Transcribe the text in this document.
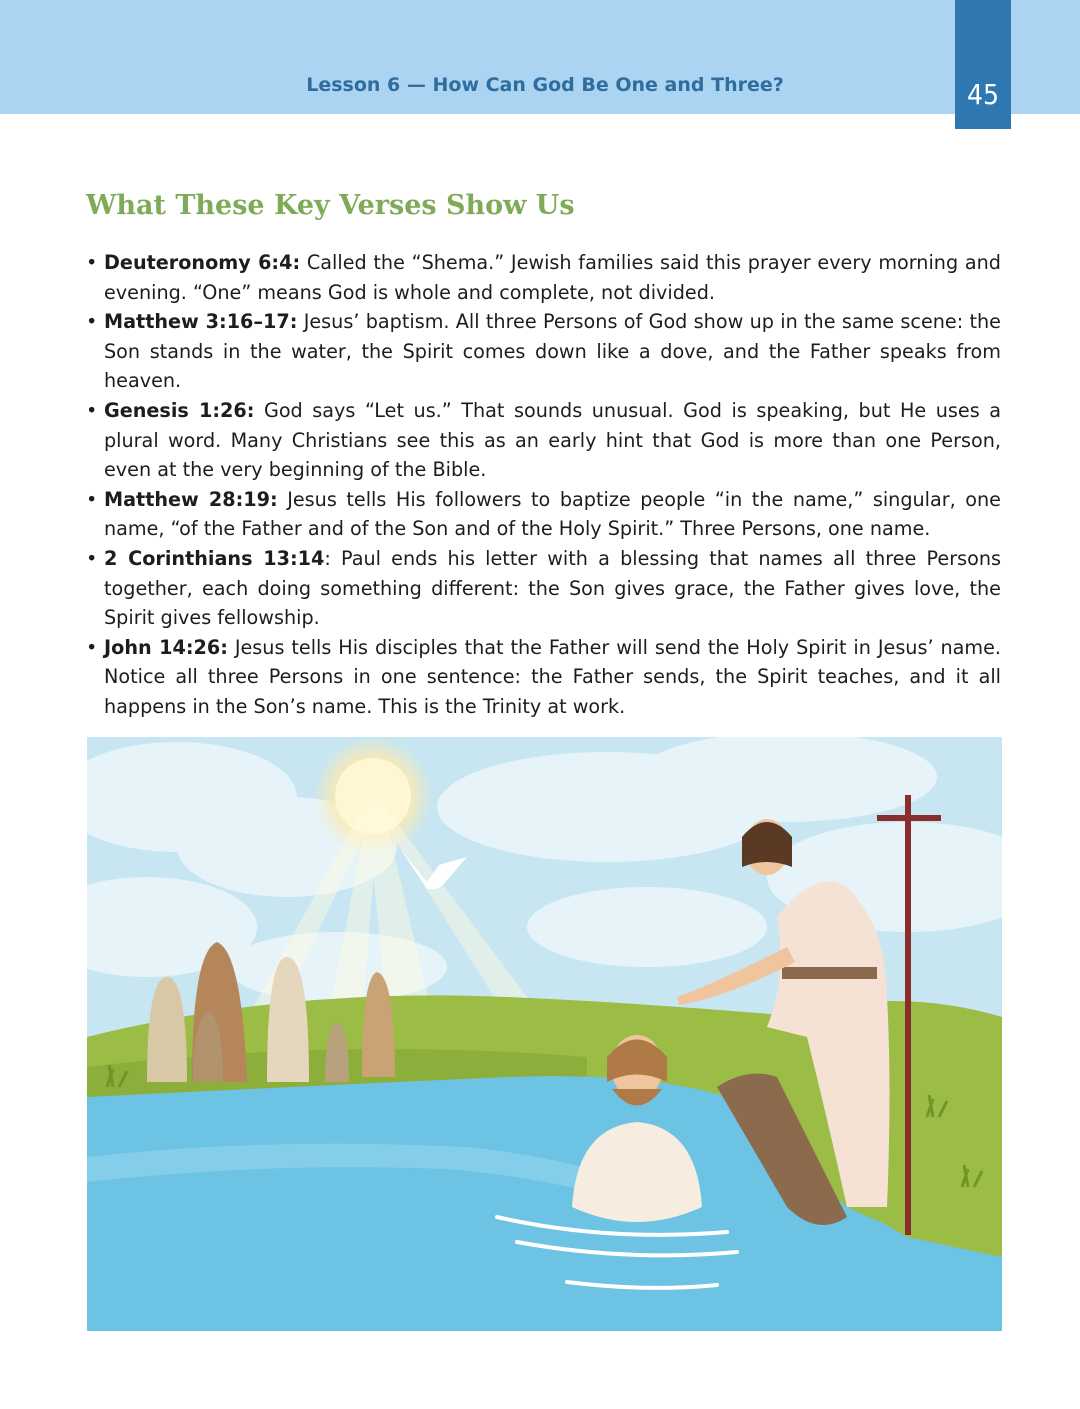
Lesson 6 — How Can God Be One and Three?	45
What These Key Verses Show Us
• Deuteronomy 6:4: Called the “Shema.” Jewish families said this prayer every morning and evening. “One” means God is whole and complete, not divided.
• Matthew 3:16–17: Jesus’ baptism. All three Persons of God show up in the same scene: the Son stands in the water, the Spirit comes down like a dove, and the Father speaks from heaven.
• Genesis 1:26: God says “Let us.” That sounds unusual. God is speaking, but He uses a plural word. Many Christians see this as an early hint that God is more than one Person, even at the very beginning of the Bible.
• Matthew 28:19: Jesus tells His followers to baptize people “in the name,” singular, one name, “of the Father and of the Son and of the Holy Spirit.” Three Persons, one name.
• 2 Corinthians 13:14: Paul ends his letter with a blessing that names all three Persons together, each doing something different: the Son gives grace, the Father gives love, the Spirit gives fellowship.
• John 14:26: Jesus tells His disciples that the Father will send the Holy Spirit in Jesus’ name. Notice all three Persons in one sentence: the Father sends, the Spirit teaches, and it all happens in the Son’s name. This is the Trinity at work.
